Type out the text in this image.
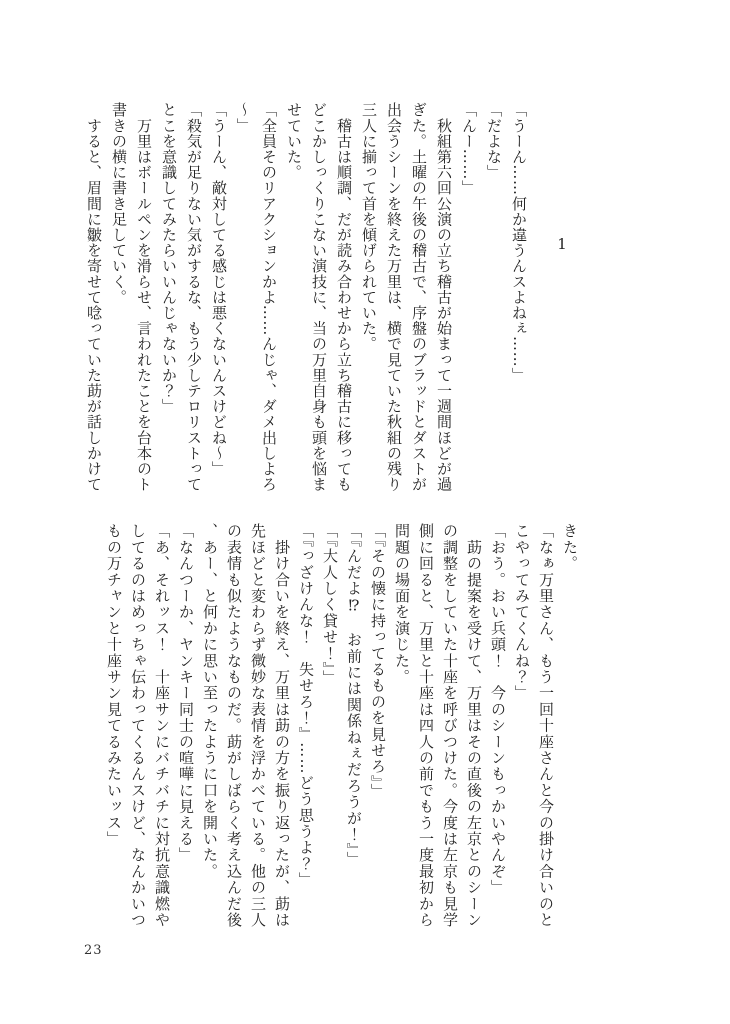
1

「うーん……何か違うんスよねぇ……」

「だよな」

「んー……」

　秋組第六回公演の立ち稽古が始まって一週間ほどが過ぎた。土曜の午後の稽古で、序盤のブラッドとダストが出会うシーンを終えた万里は、横で見ていた秋組の残り三人に揃って首を傾げられていた。

　稽古は順調、だが読み合わせから立ち稽古に移ってもどこかしっくりこない演技に、当の万里自身も頭を悩ませていた。

「全員そのリアクションかよ……んじゃ、ダメ出しよろ〜」

「うーん、敵対してる感じは悪くないんスけどね〜」

「殺気が足りない気がするな、もう少しテロリストってとこを意識してみたらいいんじゃないか？」

　万里はボールペンを滑らせ、言われたことを台本のト書きの横に書き足していく。

　すると、眉間に皺を寄せて唸っていた莇が話しかけて

きた。

「なぁ万里さん、もう一回十座さんと今の掛け合いのとこやってみてくんね？」

「おう。おい兵頭！　今のシーンもっかいやんぞ」

　莇の提案を受けて、万里はその直後の左京とのシーンの調整をしていた十座を呼びつけた。今度は左京も見学側に回ると、万里と十座は四人の前でもう一度最初から問題の場面を演じた。

「『その懐に持ってるものを見せろ』」

「『んだよ⁉　お前には関係ねぇだろうが！』」

「『大人しく貸せ！』」

「『っざけんな！　失せろ！』……どう思うよ？」

　掛け合いを終え、万里は莇の方を振り返ったが、莇は先ほどと変わらず微妙な表情を浮かべている。他の三人の表情も似たようなものだ。莇がしばらく考え込んだ後、あー、と何かに思い至ったように口を開いた。

「なんつーか、ヤンキー同士の喧嘩に見える」

「あ、それッス！　十座サンにバチバチに対抗意識燃やしてるのはめっちゃ伝わってくるんスけど、なんかいつもの万チャンと十座サン見てるみたいッス」

23
